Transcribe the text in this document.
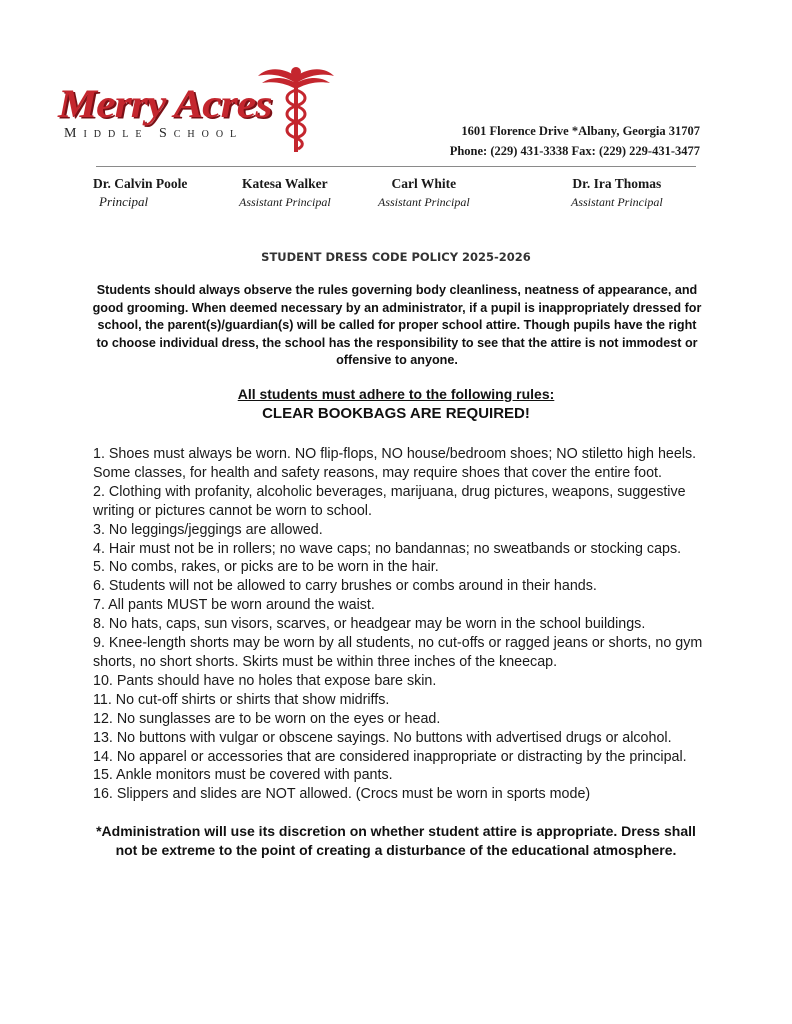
Merry Acres
Middle School	1601 Florence Drive *Albany, Georgia 31707
Phone: (229) 431-3338 Fax: (229) 229-431-3477
Dr. Calvin Poole
Principal
Katesa Walker
Assistant Principal
Carl White
Assistant Principal
Dr. Ira Thomas
Assistant Principal
STUDENT DRESS CODE POLICY 2025-2026
Students should always observe the rules governing body cleanliness, neatness of appearance, and good grooming. When deemed necessary by an administrator, if a pupil is inappropriately dressed for school, the parent(s)/guardian(s) will be called for proper school attire. Though pupils have the right to choose individual dress, the school has the responsibility to see that the attire is not immodest or offensive to anyone.
All students must adhere to the following rules:
CLEAR BOOKBAGS ARE REQUIRED!
1. Shoes must always be worn. NO flip-flops, NO house/bedroom shoes; NO stiletto high heels. Some classes, for health and safety reasons, may require shoes that cover the entire foot.
2. Clothing with profanity, alcoholic beverages, marijuana, drug pictures, weapons, suggestive writing or pictures cannot be worn to school.
3. No leggings/jeggings are allowed.
4. Hair must not be in rollers; no wave caps; no bandannas; no sweatbands or stocking caps.
5. No combs, rakes, or picks are to be worn in the hair.
6. Students will not be allowed to carry brushes or combs around in their hands.
7. All pants MUST be worn around the waist.
8. No hats, caps, sun visors, scarves, or headgear may be worn in the school buildings.
9. Knee-length shorts may be worn by all students, no cut-offs or ragged jeans or shorts, no gym shorts, no short shorts. Skirts must be within three inches of the kneecap.
10. Pants should have no holes that expose bare skin.
11. No cut-off shirts or shirts that show midriffs.
12. No sunglasses are to be worn on the eyes or head.
13. No buttons with vulgar or obscene sayings. No buttons with advertised drugs or alcohol.
14. No apparel or accessories that are considered inappropriate or distracting by the principal.
15. Ankle monitors must be covered with pants.
16. Slippers and slides are NOT allowed. (Crocs must be worn in sports mode)
*Administration will use its discretion on whether student attire is appropriate. Dress shall not be extreme to the point of creating a disturbance of the educational atmosphere.
